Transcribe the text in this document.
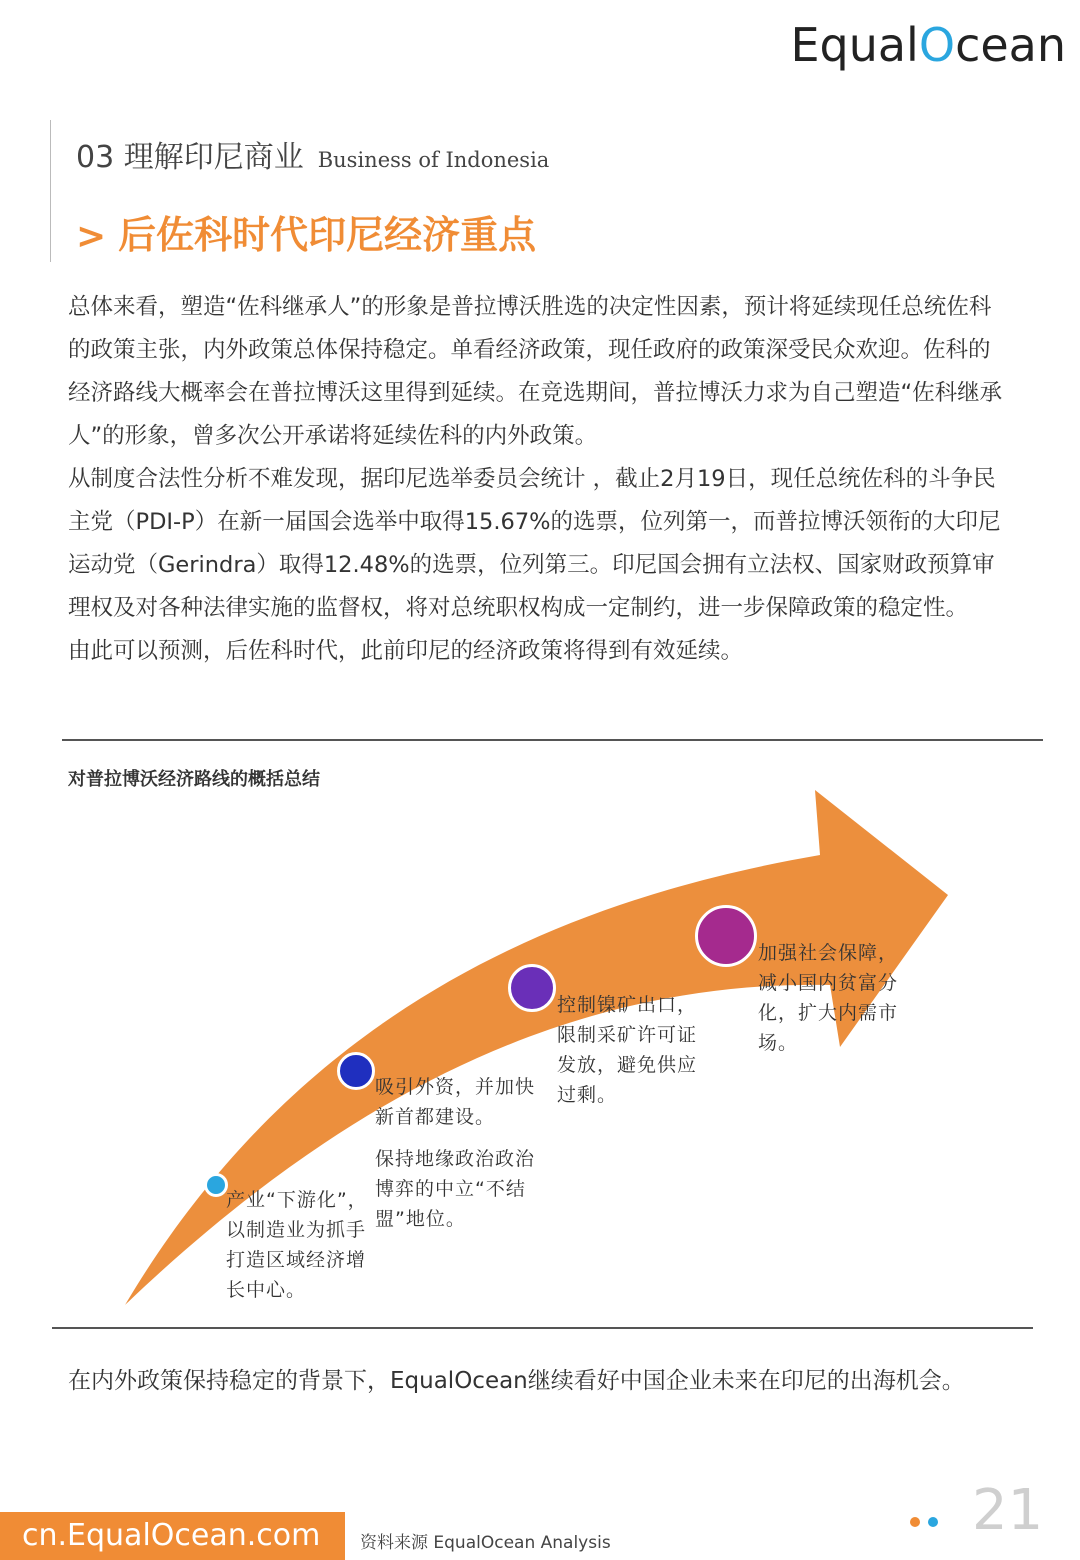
EqualOcean
03 理解印尼商业 Business of Indonesia
> 后佐科时代印尼经济重点

总体来看，塑造“佐科继承人”的形象是普拉博沃胜选的决定性因素，预计将延续现任总统佐科的政策主张，内外政策总体保持稳定。单看经济政策，现任政府的政策深受民众欢迎。佐科的经济路线大概率会在普拉博沃这里得到延续。在竞选期间，普拉博沃力求为自己塑造“佐科继承人”的形象，曾多次公开承诺将延续佐科的内外政策。

从制度合法性分析不难发现，据印尼选举委员会统计 ，截止2月19日，现任总统佐科的斗争民主党（PDI-P）在新一届国会选举中取得15.67%的选票，位列第一，而普拉博沃领衔的大印尼运动党（Gerindra）取得12.48%的选票，位列第三。印尼国会拥有立法权、国家财政预算审理权及对各种法律实施的监督权，将对总统职权构成一定制约，进一步保障政策的稳定性。

由此可以预测，后佐科时代，此前印尼的经济政策将得到有效延续。

对普拉博沃经济路线的概括总结
产业“下游化”，以制造业为抓手打造区域经济增长中心。
吸引外资，并加快新首都建设。
保持地缘政治政治博弈的中立“不结盟”地位。
控制镍矿出口，限制采矿许可证发放，避免供应过剩。
加强社会保障，减小国内贫富分化，扩大内需市场。
在内外政策保持稳定的背景下，EqualOcean继续看好中国企业未来在印尼的出海机会。
cn.EqualOcean.com	资料来源 EqualOcean Analysis	21
